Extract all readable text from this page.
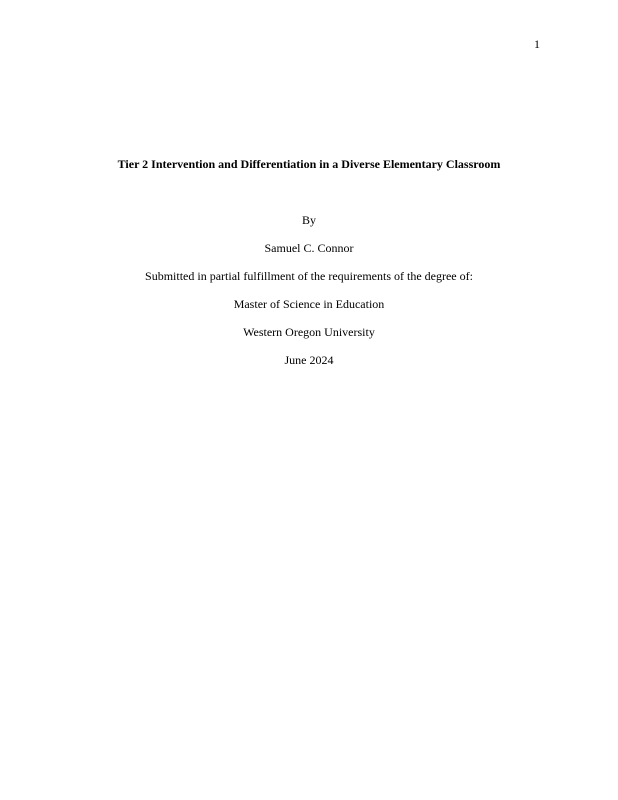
1
Tier 2 Intervention and Differentiation in a Diverse Elementary Classroom
By
Samuel C. Connor
Submitted in partial fulfillment of the requirements of the degree of:
Master of Science in Education
Western Oregon University
June 2024
